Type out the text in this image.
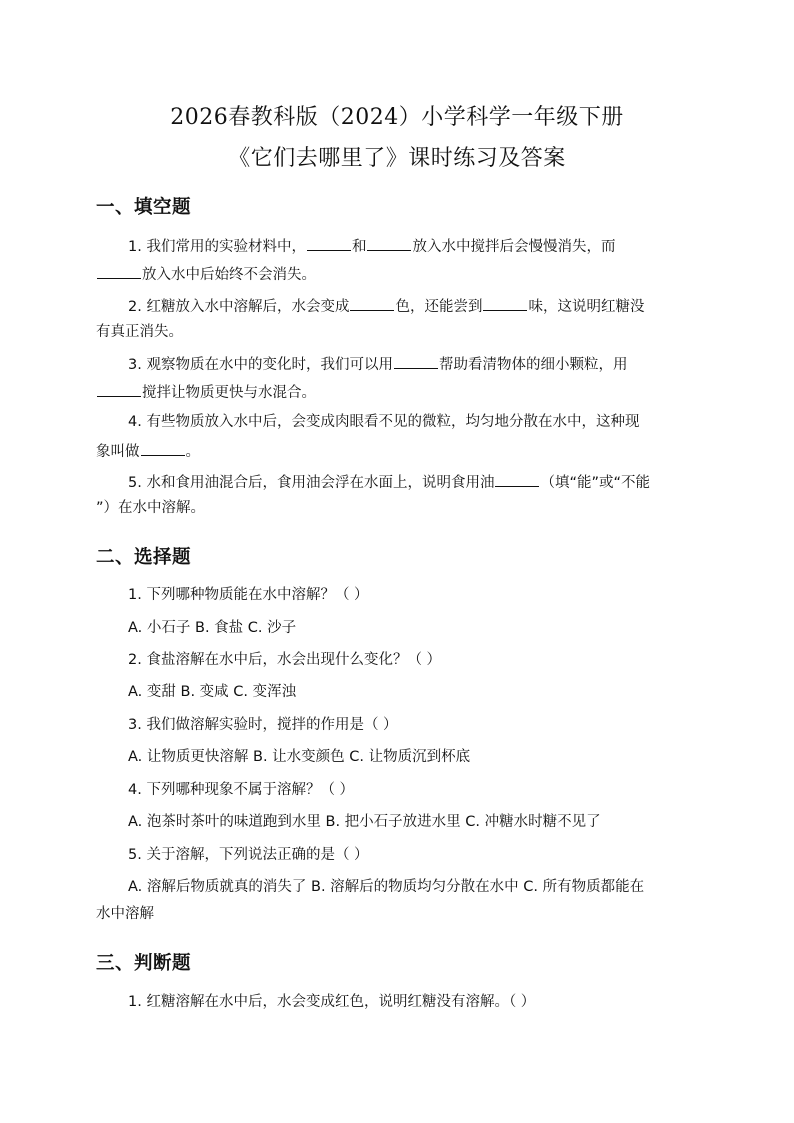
2026春教科版（2024）小学科学一年级下册
《它们去哪里了》课时练习及答案
一、填空题
1. 我们常用的实验材料中，	和	放入水中搅拌后会慢慢消失，而
放入水中后始终不会消失。
2. 红糖放入水中溶解后，水会变成	色，还能尝到	味，这说明红糖没
有真正消失。
3. 观察物质在水中的变化时，我们可以用	帮助看清物体的细小颗粒，用
搅拌让物质更快与水混合。
4. 有些物质放入水中后，会变成肉眼看不见的微粒，均匀地分散在水中，这种现
象叫做	。
5. 水和食用油混合后，食用油会浮在水面上，说明食用油	（填“能”或“不能
”）在水中溶解。
二、选择题
1. 下列哪种物质能在水中溶解？（ ）
A. 小石子 B. 食盐 C. 沙子
2. 食盐溶解在水中后，水会出现什么变化？（ ）
A. 变甜 B. 变咸 C. 变浑浊
3. 我们做溶解实验时，搅拌的作用是（ ）
A. 让物质更快溶解 B. 让水变颜色 C. 让物质沉到杯底
4. 下列哪种现象不属于溶解？（ ）
A. 泡茶时茶叶的味道跑到水里 B. 把小石子放进水里 C. 冲糖水时糖不见了
5. 关于溶解，下列说法正确的是（ ）
A. 溶解后物质就真的消失了 B. 溶解后的物质均匀分散在水中 C. 所有物质都能在
水中溶解
三、判断题
1. 红糖溶解在水中后，水会变成红色，说明红糖没有溶解。（ ）
